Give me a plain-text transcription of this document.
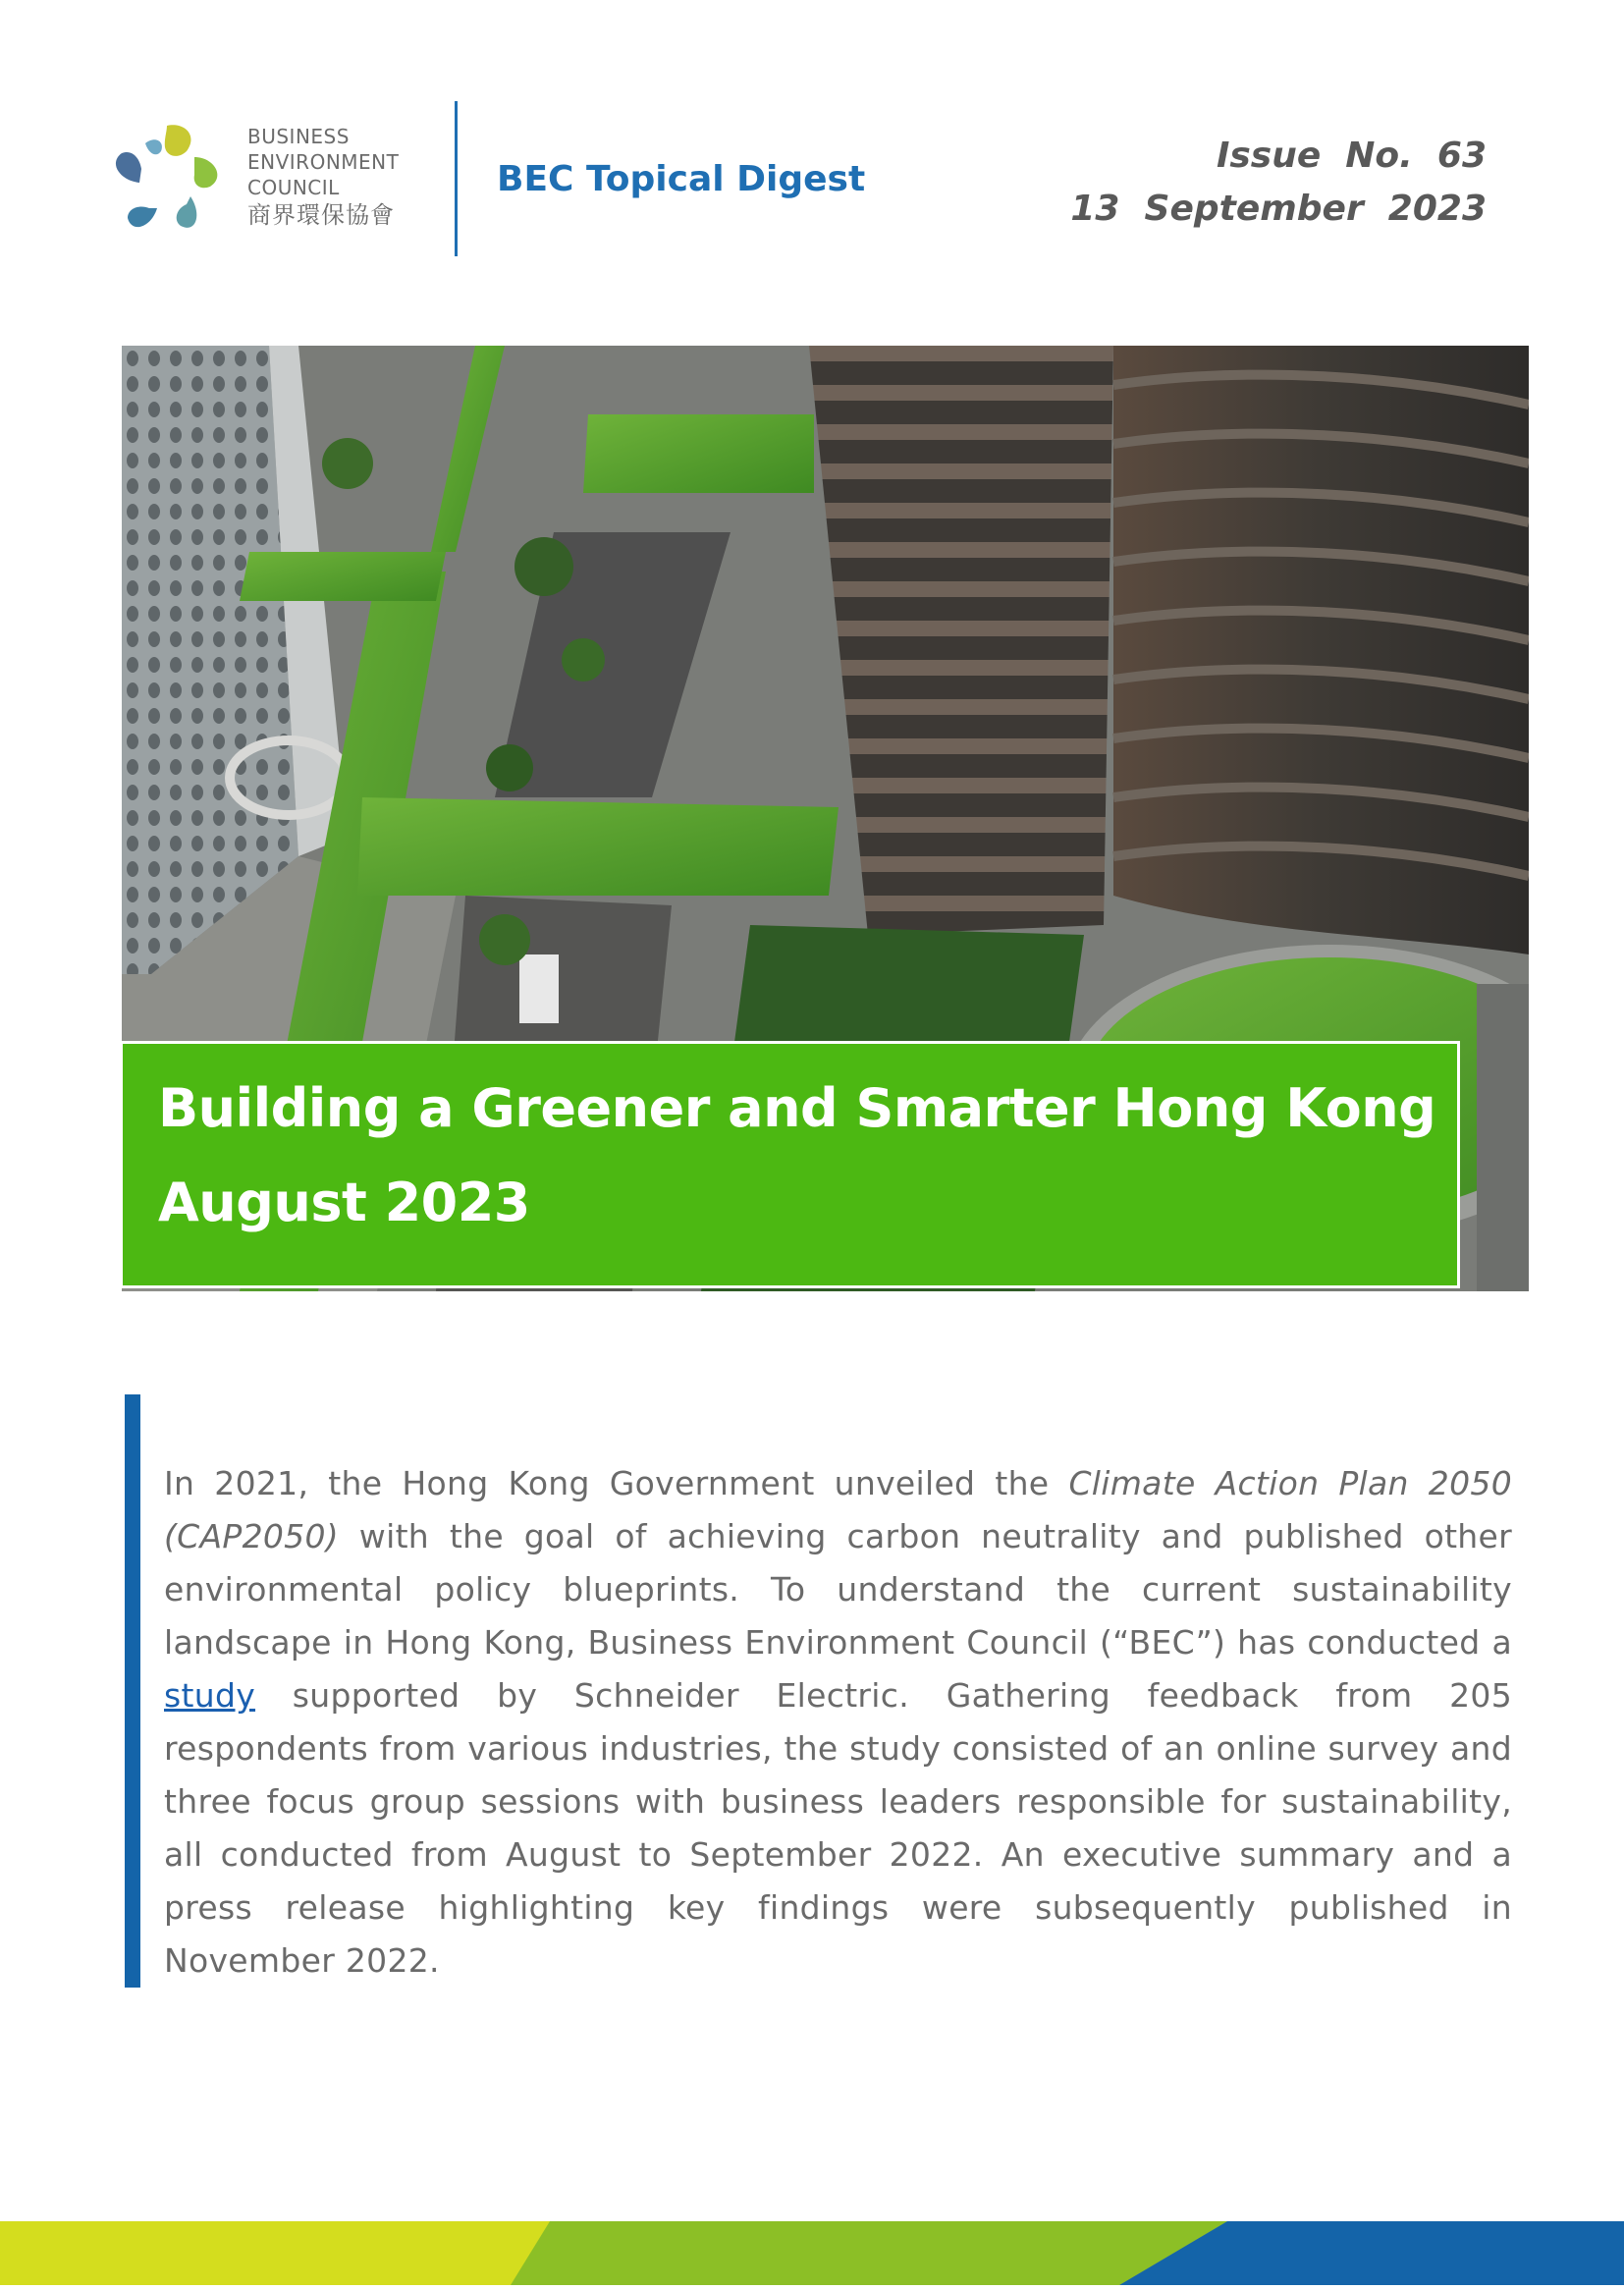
BUSINESS
ENVIRONMENT
COUNCIL
商界環保協會
BEC Topical Digest
Issue  No.  63
13  September  2023
Building a Greener and Smarter Hong Kong
August 2023

In 2021, the Hong Kong Government unveiled the Climate Action Plan 2050 (CAP2050) with the goal of achieving carbon neutrality and published other environmental policy blueprints. To understand the current sustainability landscape in Hong Kong, Business Environment Council (“BEC”) has conducted a study supported by Schneider Electric. Gathering feedback from 205 respondents from various industries, the study consisted of an online survey and three focus group sessions with business leaders responsible for sustainability, all conducted from August to September 2022. An executive summary and a press release highlighting key findings were subsequently published in November 2022.
